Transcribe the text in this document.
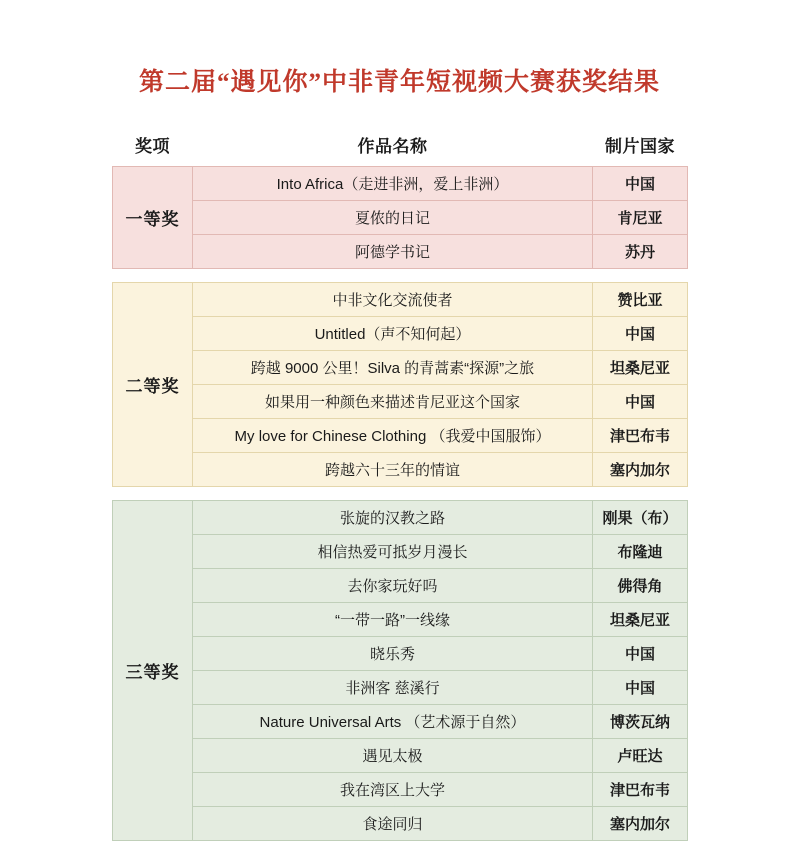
第二届“遇见你”中非青年短视频大赛获奖结果
奖项	作品名称	制片国家
一等奖	Into Africa（走进非洲，爱上非洲）	中国
	夏侬的日记	肯尼亚
	阿德学书记	苏丹

二等奖	中非文化交流使者	赞比亚
	Untitled（声不知何起）	中国
	跨越 9000 公里！Silva 的青蒿素“探源”之旅	坦桑尼亚
	如果用一种颜色来描述肯尼亚这个国家	中国
	My love for Chinese Clothing （我爱中国服饰）	津巴布韦
	跨越六十三年的情谊	塞内加尔

三等奖	张旋的汉教之路	刚果（布）
	相信热爱可抵岁月漫长	布隆迪
	去你家玩好吗	佛得角
	“一带一路”一线缘	坦桑尼亚
	晓乐秀	中国
	非洲客 慈溪行	中国
	Nature Universal Arts （艺术源于自然）	博茨瓦纳
	遇见太极	卢旺达
	我在湾区上大学	津巴布韦
	食途同归	塞内加尔
